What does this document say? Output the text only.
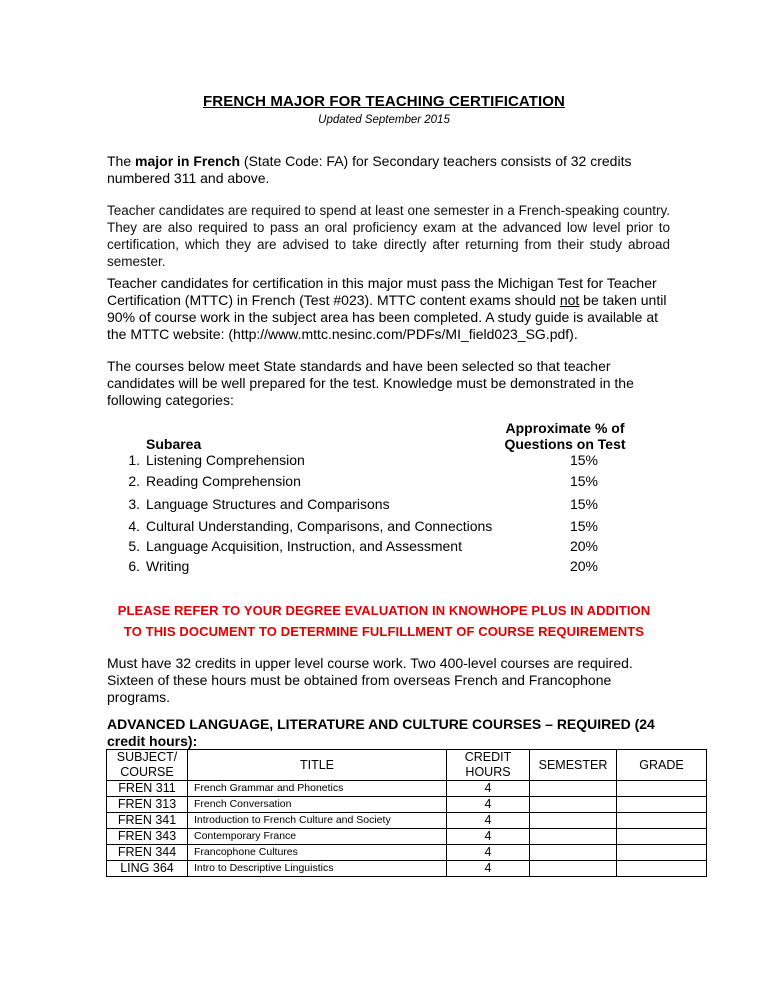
FRENCH MAJOR FOR TEACHING CERTIFICATION
Updated September 2015
The major in French (State Code: FA) for Secondary teachers consists of 32 credits numbered 311 and above.
Teacher candidates are required to spend at least one semester in a French-speaking country. They are also required to pass an oral proficiency exam at the advanced low level prior to certification, which they are advised to take directly after returning from their study abroad semester.
Teacher candidates for certification in this major must pass the Michigan Test for Teacher Certification (MTTC) in French (Test #023). MTTC content exams should not be taken until 90% of course work in the subject area has been completed. A study guide is available at the MTTC website: (http://www.mttc.nesinc.com/PDFs/MI_field023_SG.pdf).
The courses below meet State standards and have been selected so that teacher candidates will be well prepared for the test. Knowledge must be demonstrated in the following categories:
Subarea
Approximate % of Questions on Test
1. Listening Comprehension	15%
2. Reading Comprehension	15%
3. Language Structures and Comparisons	15%
4. Cultural Understanding, Comparisons, and Connections	15%
5. Language Acquisition, Instruction, and Assessment	20%
6. Writing	20%
PLEASE REFER TO YOUR DEGREE EVALUATION IN KNOWHOPE PLUS IN ADDITION
TO THIS DOCUMENT TO DETERMINE FULFILLMENT OF COURSE REQUIREMENTS
Must have 32 credits in upper level course work. Two 400-level courses are required. Sixteen of these hours must be obtained from overseas French and Francophone programs.
ADVANCED LANGUAGE, LITERATURE AND CULTURE COURSES – REQUIRED (24 credit hours):
SUBJECT/ COURSE	TITLE	CREDIT HOURS	SEMESTER	GRADE
FREN 311	French Grammar and Phonetics	4		
FREN 313	French Conversation	4		
FREN 341	Introduction to French Culture and Society	4		
FREN 343	Contemporary France	4		
FREN 344	Francophone Cultures	4		
LING 364	Intro to Descriptive Linguistics	4		
